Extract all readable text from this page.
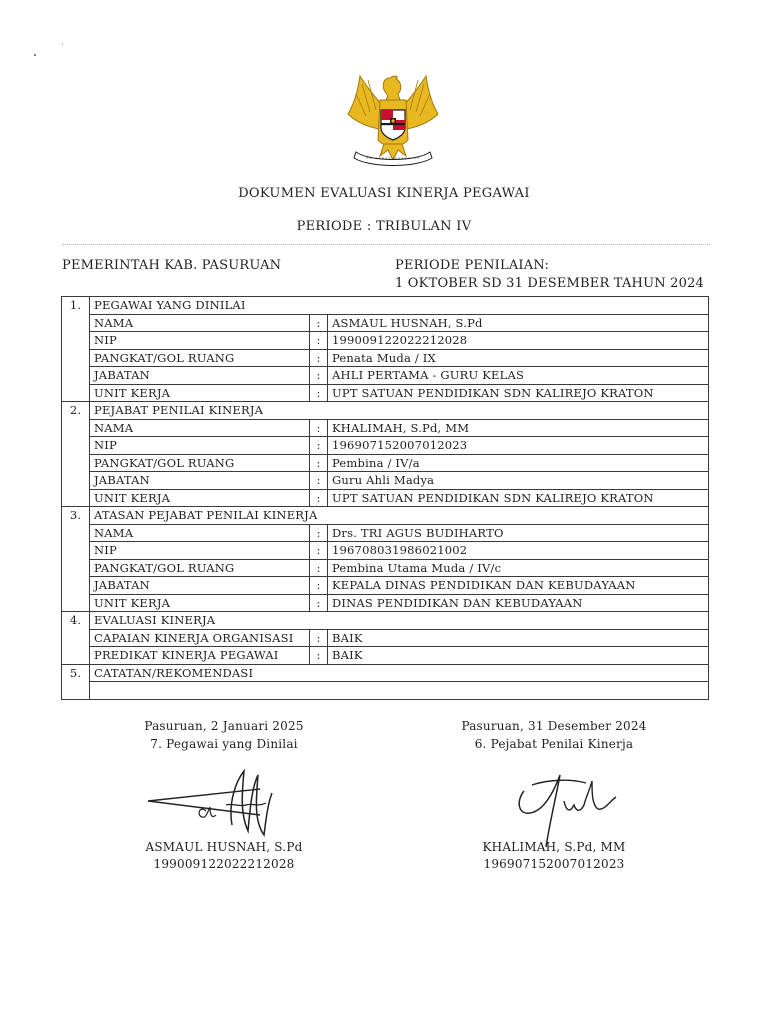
DOKUMEN EVALUASI KINERJA PEGAWAI
PERIODE : TRIBULAN IV
PEMERINTAH KAB. PASURUAN	PERIODE PENILAIAN:
1 OKTOBER SD 31 DESEMBER TAHUN 2024
1.	PEGAWAI YANG DINILAI		
	NAMA	:	ASMAUL HUSNAH, S.Pd
	NIP	:	199009122022212028
	PANGKAT/GOL RUANG	:	Penata Muda / IX
	JABATAN	:	AHLI PERTAMA - GURU KELAS
	UNIT KERJA	:	UPT SATUAN PENDIDIKAN SDN KALIREJO KRATON
2.	PEJABAT PENILAI KINERJA		
	NAMA	:	KHALIMAH, S.Pd, MM
	NIP	:	196907152007012023
	PANGKAT/GOL RUANG	:	Pembina / IV/a
	JABATAN	:	Guru Ahli Madya
	UNIT KERJA	:	UPT SATUAN PENDIDIKAN SDN KALIREJO KRATON
3.	ATASAN PEJABAT PENILAI KINERJA		
	NAMA	:	Drs. TRI AGUS BUDIHARTO
	NIP	:	196708031986021002
	PANGKAT/GOL RUANG	:	Pembina Utama Muda / IV/c
	JABATAN	:	KEPALA DINAS PENDIDIKAN DAN KEBUDAYAAN
	UNIT KERJA	:	DINAS PENDIDIKAN DAN KEBUDAYAAN
4.	EVALUASI KINERJA		
	CAPAIAN KINERJA ORGANISASI	:	BAIK
	PREDIKAT KINERJA PEGAWAI	:	BAIK
5.	CATATAN/REKOMENDASI		

Pasuruan, 2 Januari 2025
7. Pegawai yang Dinilai
ASMAUL HUSNAH, S.Pd
199009122022212028
Pasuruan, 31 Desember 2024
6. Pejabat Penilai Kinerja
KHALIMAH, S.Pd, MM
196907152007012023
